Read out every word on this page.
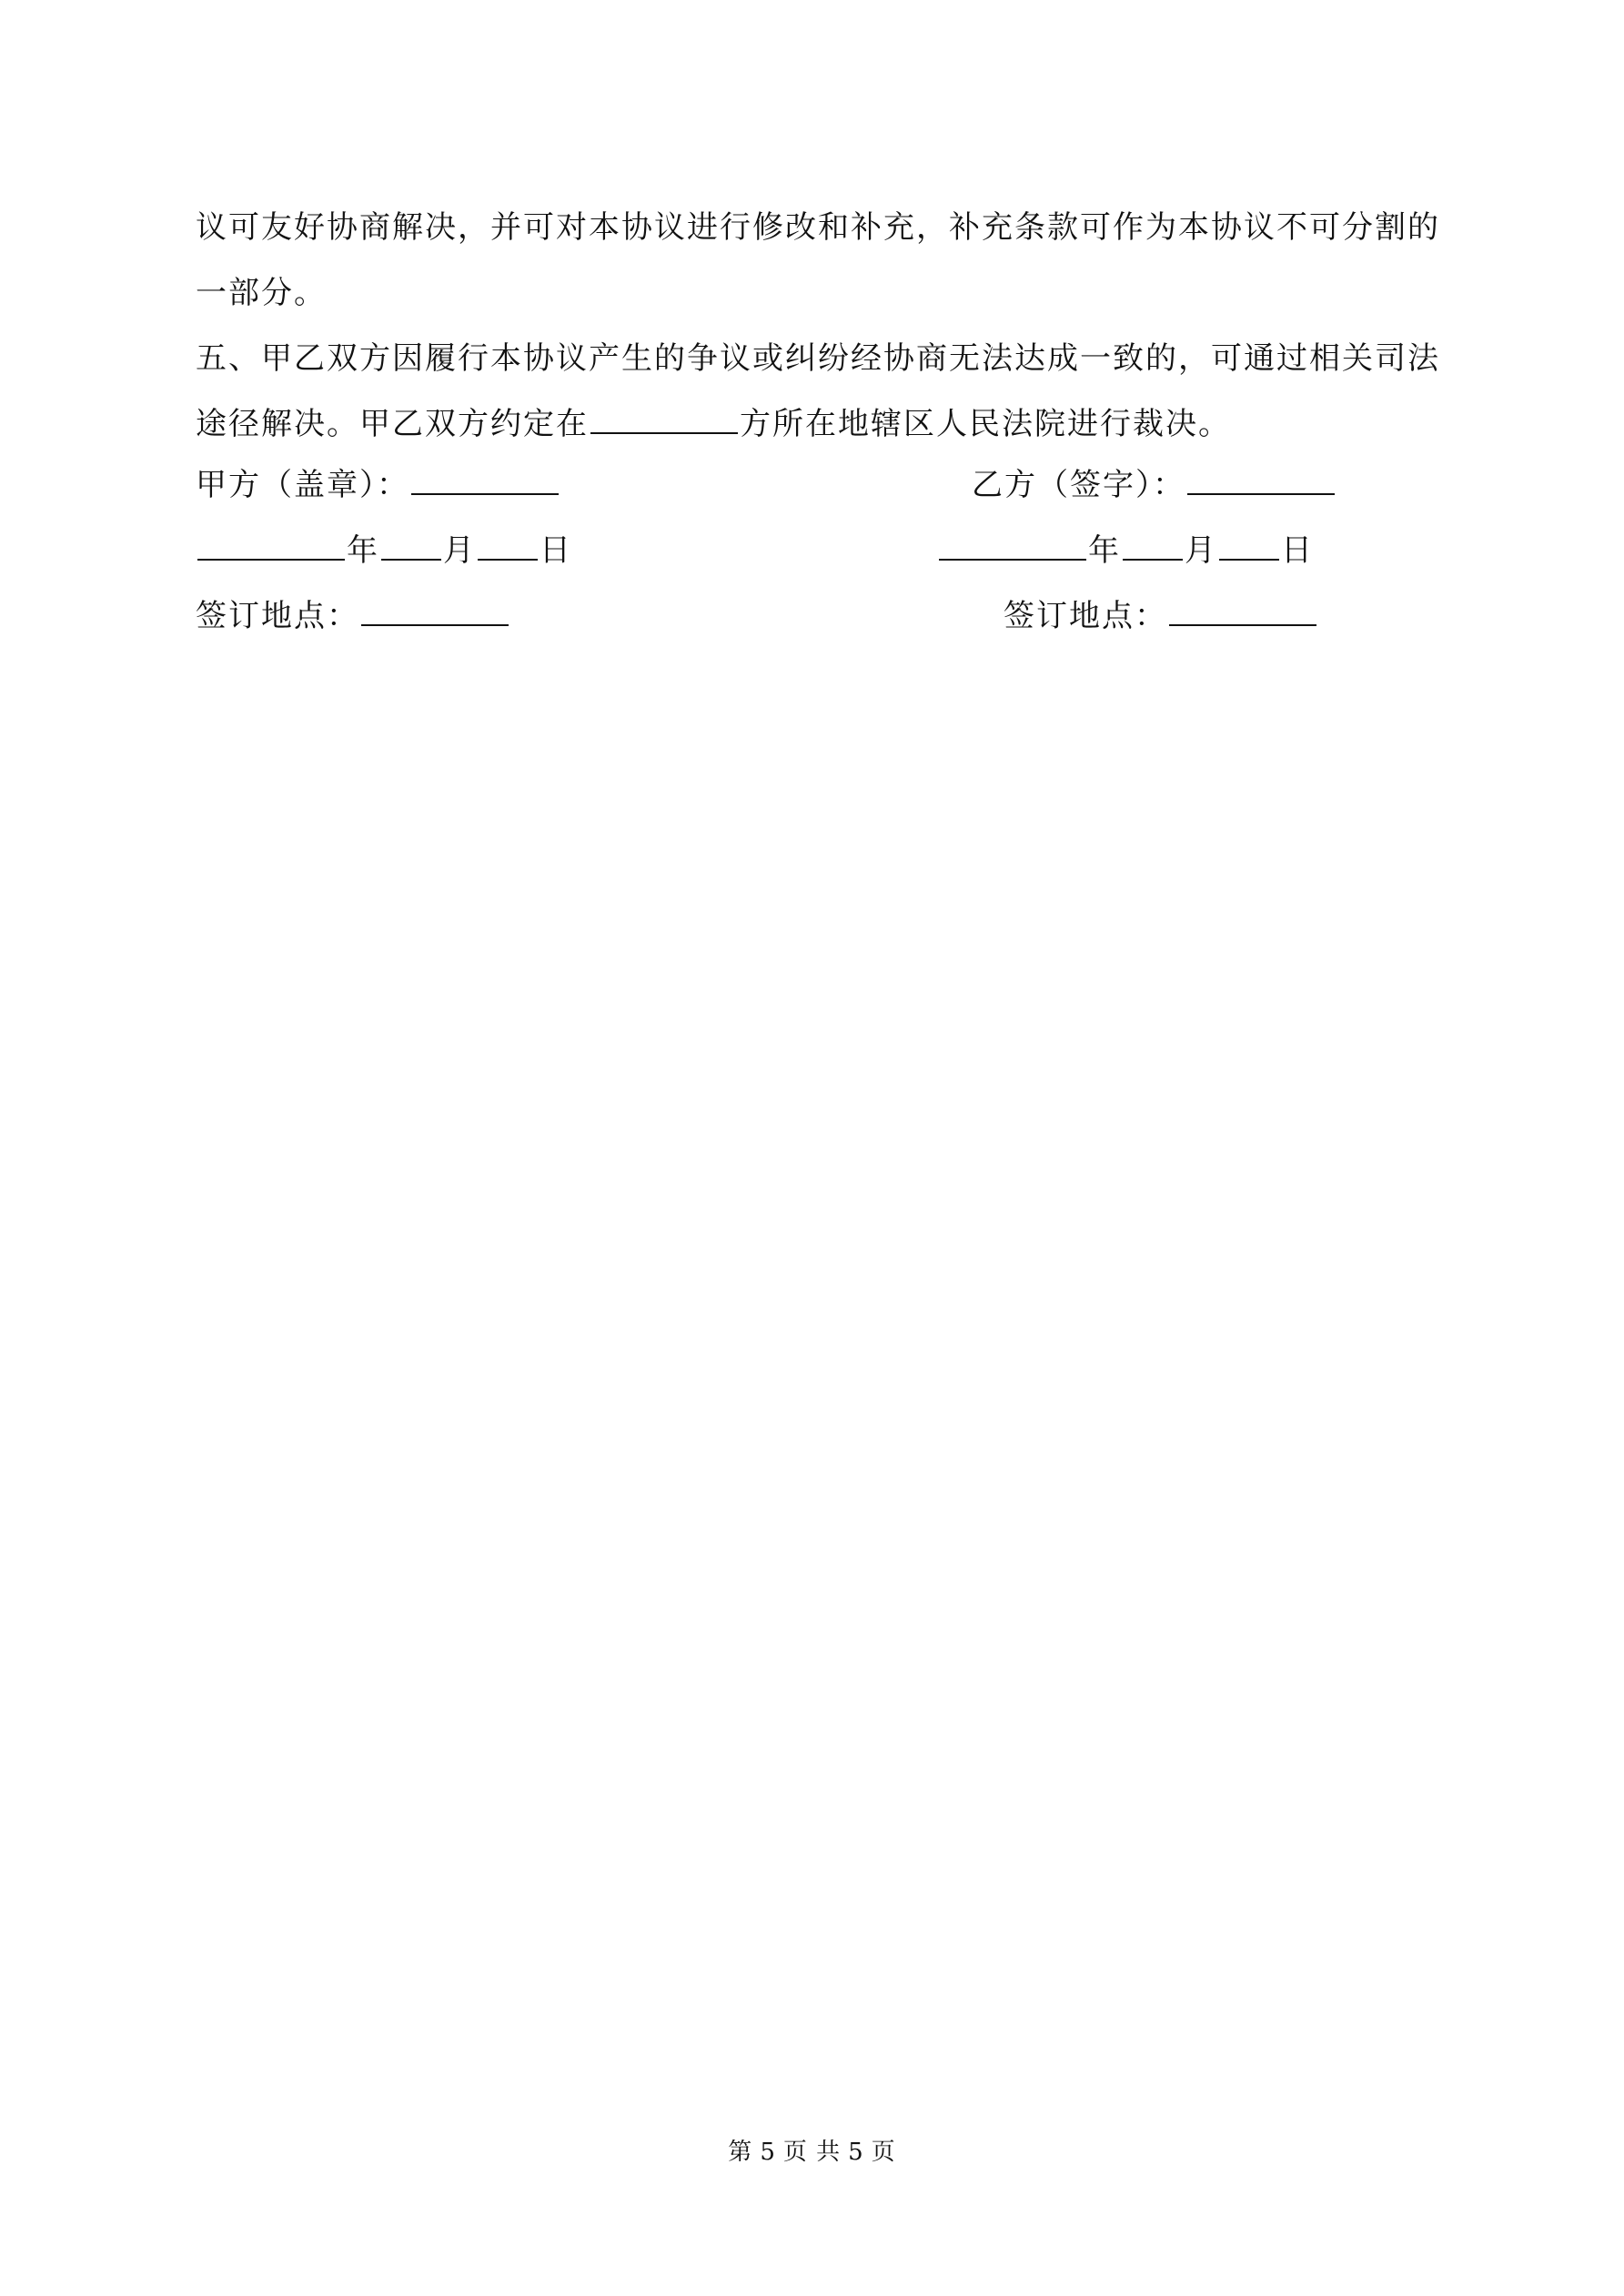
议可友好协商解决，并可对本协议进行修改和补充，补充条款可作为本协议不可分割的
一部分。
五、甲乙双方因履行本协议产生的争议或纠纷经协商无法达成一致的，可通过相关司法
途径解决。甲乙双方约定在	方所在地辖区人民法院进行裁决。
甲方（盖章）：	乙方（签字）：
年 月 日	年 月 日
签订地点：	签订地点：
第 5 页 共 5 页
